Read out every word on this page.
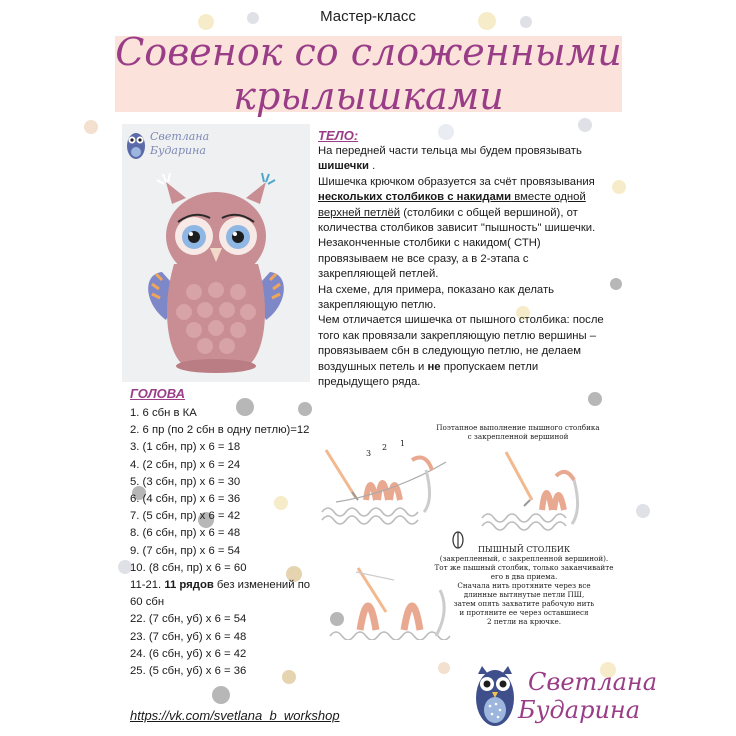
Мастер-класс
Совенок со сложенными
крылышками
Светлана
Бударина
ТЕЛО:

На передней части тельца мы будем провязывать шишечки .

Шишечка крючком образуется за счёт провязывания нескольких столбиков с накидами вместе одной верхней петлёй (столбики с общей вершиной), от количества столбиков зависит "пышность" шишечки.

Незаконченные столбики с накидом( СТН) провязываем не все сразу, а в 2-этапа с закрепляющей петлей.

На схеме, для примера, показано как делать закрепляющую петлю.

Чем отличается шишечка от пышного столбика: после того как провязали закрепляющую петлю вершины – провязываем сбн в следующую петлю, не делаем воздушных петель и не пропускаем петли предыдущего ряда.

ГОЛОВА
1. 6 сбн в КА
2. 6 пр (по 2 сбн в одну петлю)=12
3. (1 сбн, пр) х 6 = 18
4. (2 сбн, пр) х 6 = 24
5. (3 сбн, пр) х 6 = 30
6. (4 сбн, пр) х 6 = 36
7. (5 сбн, пр) х 6 = 42
8. (6 сбн, пр) х 6 = 48
9. (7 сбн, пр) х 6 = 54
10. (8 сбн, пр) х 6 = 60
11-21. 11 рядов без изменений по 60 сбн
22. (7 сбн, уб) х 6 = 54
23. (7 сбн, уб) х 6 = 48
24. (6 сбн, уб) х 6 = 42
25. (5 сбн, уб) х 6 = 36
Поэтапное выполнение пышного столбика
с закрепленной вершиной
3
2 1
ПЫШНЫЙ СТОЛБИК
(закрепленный, с закрепленной вершиной).
Тот же пышный столбик, только заканчивайте
его в два приема.
Сначала нить протяните через все
длинные вытянутые петли ПШ,
затем опять захватите рабочую нить
и протяните ее через оставшиеся
2 петли на крючке.
https://vk.com/svetlana_b_workshop
Светлана
Бударина
